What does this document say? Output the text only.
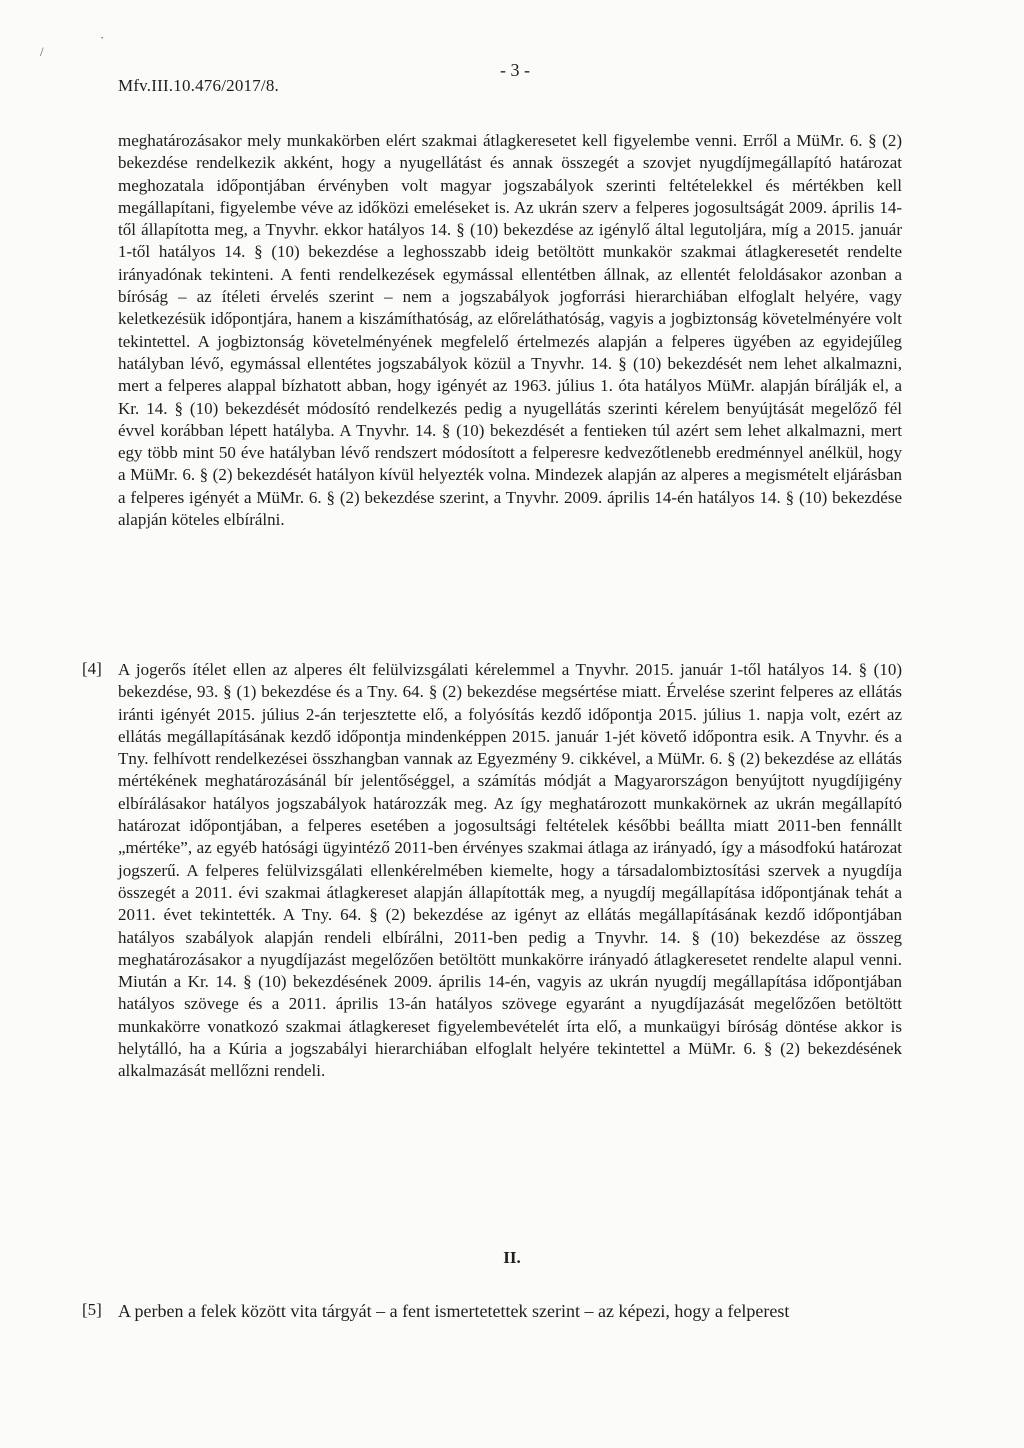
/
·
Mfv.III.10.476/2017/8.
- 3 -

meghatározásakor mely munkakörben elért szakmai átlagkeresetet kell figyelembe venni. Erről a MüMr. 6. § (2) bekezdése rendelkezik akként, hogy a nyugellátást és annak összegét a szovjet nyugdíjmegállapító határozat meghozatala időpontjában érvényben volt magyar jogszabályok szerinti feltételekkel és mértékben kell megállapítani, figyelembe véve az időközi emeléseket is. Az ukrán szerv a felperes jogosultságát 2009. április 14-től állapította meg, a Tnyvhr. ekkor hatályos 14. § (10) bekezdése az igénylő által legutoljára, míg a 2015. január 1-től hatályos 14. § (10) bekezdése a leghosszabb ideig betöltött munkakör szakmai átlagkeresetét rendelte irányadónak tekinteni. A fenti rendelkezések egymással ellentétben állnak, az ellentét feloldásakor azonban a bíróság – az ítéleti érvelés szerint – nem a jogszabályok jogforrási hierarchiában elfoglalt helyére, vagy keletkezésük időpontjára, hanem a kiszámíthatóság, az előreláthatóság, vagyis a jogbiztonság követelményére volt tekintettel. A jogbiztonság követelményének megfelelő értelmezés alapján a felperes ügyében az egyidejűleg hatályban lévő, egymással ellentétes jogszabályok közül a Tnyvhr. 14. § (10) bekezdését nem lehet alkalmazni, mert a felperes alappal bízhatott abban, hogy igényét az 1963. július 1. óta hatályos MüMr. alapján bírálják el, a Kr. 14. § (10) bekezdését módosító rendelkezés pedig a nyugellátás szerinti kérelem benyújtását megelőző fél évvel korábban lépett hatályba. A Tnyvhr. 14. § (10) bekezdését a fentieken túl azért sem lehet alkalmazni, mert egy több mint 50 éve hatályban lévő rendszert módosított a felperesre kedvezőtlenebb eredménnyel anélkül, hogy a MüMr. 6. § (2) bekezdését hatályon kívül helyezték volna. Mindezek alapján az alperes a megismételt eljárásban a felperes igényét a MüMr. 6. § (2) bekezdése szerint, a Tnyvhr. 2009. április 14-én hatályos 14. § (10) bekezdése alapján köteles elbírálni.

[4] A jogerős ítélet ellen az alperes élt felülvizsgálati kérelemmel a Tnyvhr. 2015. január 1-től hatályos 14. § (10) bekezdése, 93. § (1) bekezdése és a Tny. 64. § (2) bekezdése megsértése miatt. Érvelése szerint felperes az ellátás iránti igényét 2015. július 2-án terjesztette elő, a folyósítás kezdő időpontja 2015. július 1. napja volt, ezért az ellátás megállapításának kezdő időpontja mindenképpen 2015. január 1-jét követő időpontra esik. A Tnyvhr. és a Tny. felhívott rendelkezései összhangban vannak az Egyezmény 9. cikkével, a MüMr. 6. § (2) bekezdése az ellátás mértékének meghatározásánál bír jelentőséggel, a számítás módját a Magyarországon benyújtott nyugdíjigény elbírálásakor hatályos jogszabályok határozzák meg. Az így meghatározott munkakörnek az ukrán megállapító határozat időpontjában, a felperes esetében a jogosultsági feltételek későbbi beállta miatt 2011-ben fennállt „mértéke”, az egyéb hatósági ügyintéző 2011-ben érvényes szakmai átlaga az irányadó, így a másodfokú határozat jogszerű. A felperes felülvizsgálati ellenkérelmében kiemelte, hogy a társadalombiztosítási szervek a nyugdíja összegét a 2011. évi szakmai átlagkereset alapján állapították meg, a nyugdíj megállapítása időpontjának tehát a 2011. évet tekintették. A Tny. 64. § (2) bekezdése az igényt az ellátás megállapításának kezdő időpontjában hatályos szabályok alapján rendeli elbírálni, 2011-ben pedig a Tnyvhr. 14. § (10) bekezdése az összeg meghatározásakor a nyugdíjazást megelőzően betöltött munkakörre irányadó átlagkeresetet rendelte alapul venni. Miután a Kr. 14. § (10) bekezdésének 2009. április 14-én, vagyis az ukrán nyugdíj megállapítása időpontjában hatályos szövege és a 2011. április 13-án hatályos szövege egyaránt a nyugdíjazását megelőzően betöltött munkakörre vonatkozó szakmai átlagkereset figyelembevételét írta elő, a munkaügyi bíróság döntése akkor is helytálló, ha a Kúria a jogszabályi hierarchiában elfoglalt helyére tekintettel a MüMr. 6. § (2) bekezdésének alkalmazását mellőzni rendeli.

II.
[5] A perben a felek között vita tárgyát – a fent ismertetettek szerint – az képezi, hogy a felperest
